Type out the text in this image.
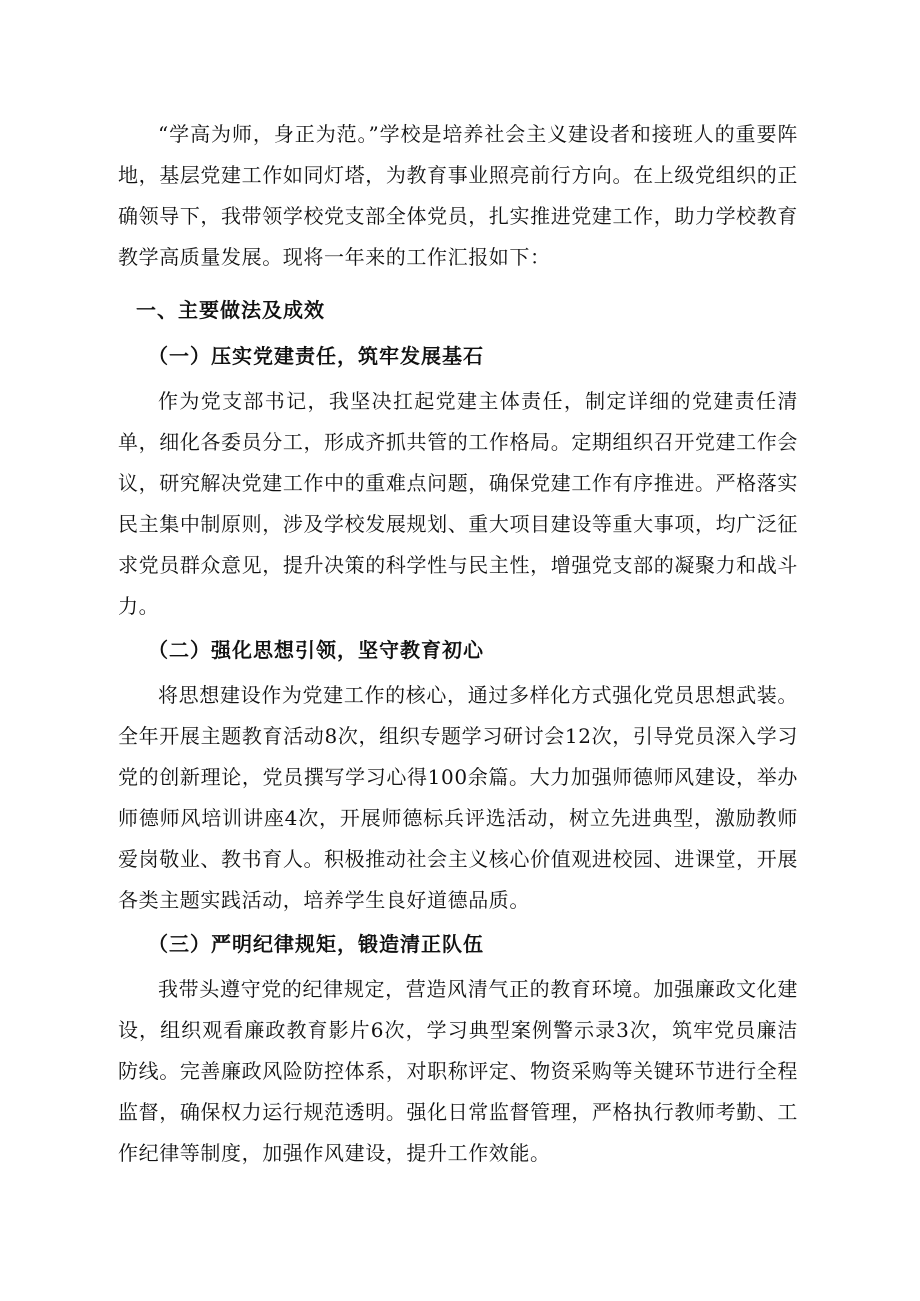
“学高为师，身正为范。”学校是培养社会主义建设者和接班人的重要阵地，基层党建工作如同灯塔，为教育事业照亮前行方向。在上级党组织的正确领导下，我带领学校党支部全体党员，扎实推进党建工作，助力学校教育教学高质量发展。现将一年来的工作汇报如下：

一、主要做法及成效
（一）压实党建责任，筑牢发展基石

作为党支部书记，我坚决扛起党建主体责任，制定详细的党建责任清单，细化各委员分工，形成齐抓共管的工作格局。定期组织召开党建工作会议，研究解决党建工作中的重难点问题，确保党建工作有序推进。严格落实民主集中制原则，涉及学校发展规划、重大项目建设等重大事项，均广泛征求党员群众意见，提升决策的科学性与民主性，增强党支部的凝聚力和战斗力。

（二）强化思想引领，坚守教育初心

将思想建设作为党建工作的核心，通过多样化方式强化党员思想武装。全年开展主题教育活动8次，组织专题学习研讨会12次，引导党员深入学习党的创新理论，党员撰写学习心得100余篇。大力加强师德师风建设，举办师德师风培训讲座4次，开展师德标兵评选活动，树立先进典型，激励教师爱岗敬业、教书育人。积极推动社会主义核心价值观进校园、进课堂，开展各类主题实践活动，培养学生良好道德品质。

（三）严明纪律规矩，锻造清正队伍

我带头遵守党的纪律规定，营造风清气正的教育环境。加强廉政文化建设，组织观看廉政教育影片6次，学习典型案例警示录3次，筑牢党员廉洁防线。完善廉政风险防控体系，对职称评定、物资采购等关键环节进行全程监督，确保权力运行规范透明。强化日常监督管理，严格执行教师考勤、工作纪律等制度，加强作风建设，提升工作效能。
